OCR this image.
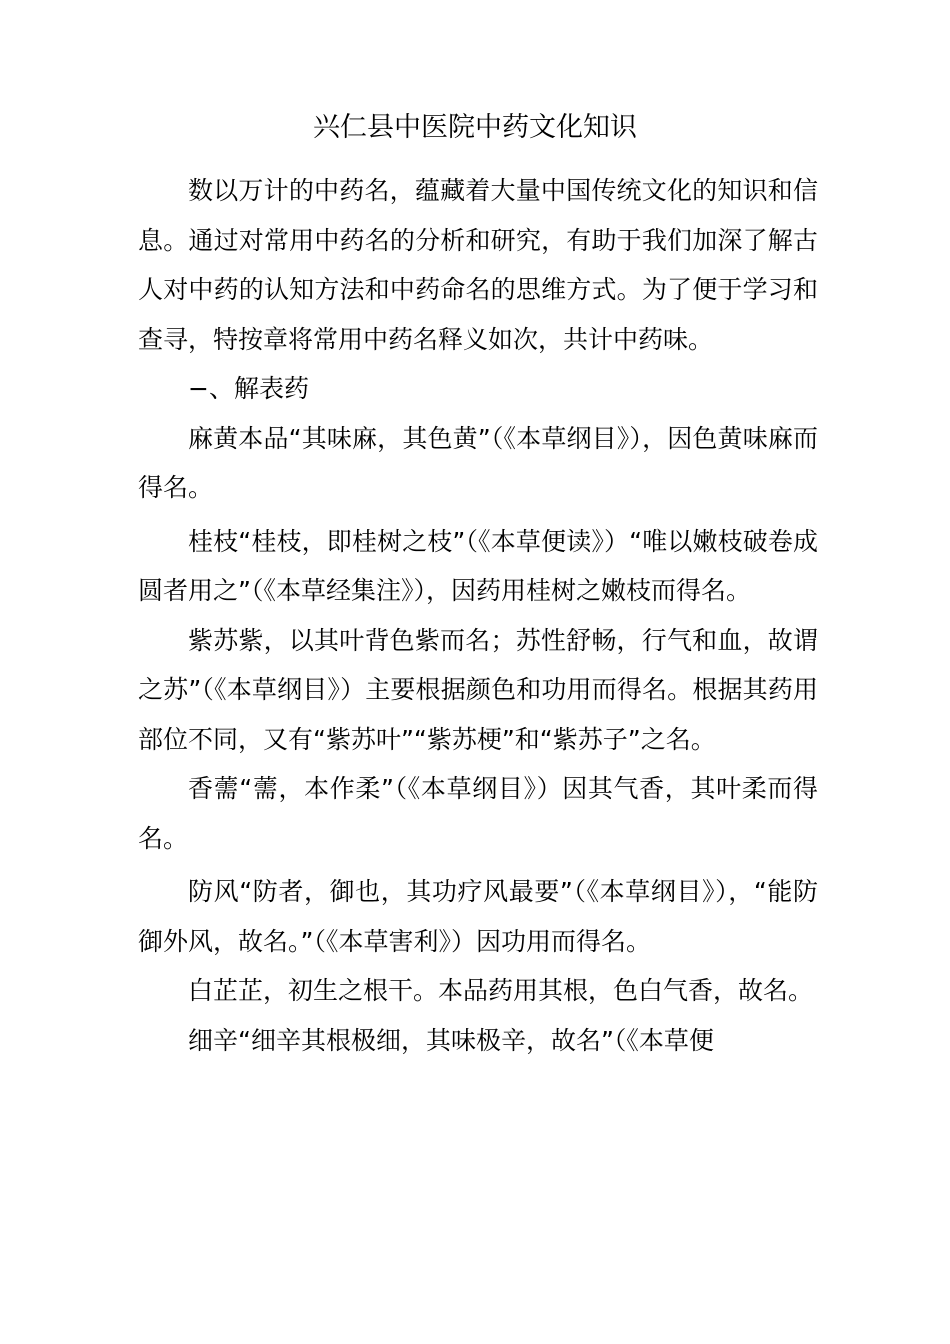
兴仁县中医院中药文化知识

数以万计的中药名，蕴藏着大量中国传统文化的知识和信息。通过对常用中药名的分析和研究，有助于我们加深了解古人对中药的认知方法和中药命名的思维方式。为了便于学习和查寻，特按章将常用中药名释义如次，共计中药味。

−、解表药

麻黄本品“其味麻，其色黄”（《本草纲目》），因色黄味麻而得名。

桂枝“桂枝，即桂树之枝”（《本草便读》）“唯以嫩枝破卷成圆者用之”（《本草经集注》），因药用桂树之嫩枝而得名。

紫苏紫，以其叶背色紫而名；苏性舒畅，行气和血，故谓之苏”（《本草纲目》）主要根据颜色和功用而得名。根据其药用部位不同，又有“紫苏叶”“紫苏梗”和“紫苏子”之名。

香薷“薷，本作柔”（《本草纲目》）因其气香，其叶柔而得名。

防风“防者，御也，其功疗风最要”（《本草纲目》），“能防御外风，故名。”（《本草害利》）因功用而得名。

白芷芷，初生之根干。本品药用其根，色白气香，故名。

细辛“细辛其根极细，其味极辛，故名”（《本草便
